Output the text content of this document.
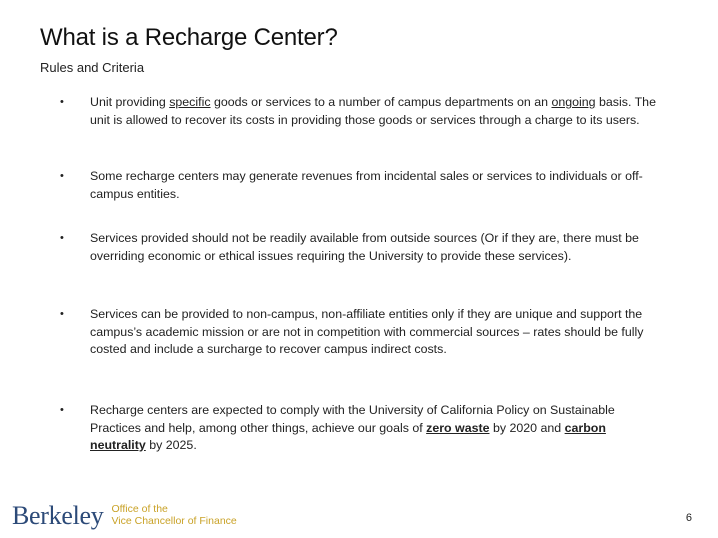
What is a Recharge Center?

Rules and Criteria

•	Unit providing specific goods or services to a number of campus departments on an ongoing basis. The unit is allowed to recover its costs in providing those goods or services through a charge to its users.
•	Some recharge centers may generate revenues from incidental sales or services to individuals or off-campus entities.
•	Services provided should not be readily available from outside sources (Or if they are, there must be overriding economic or ethical issues requiring the University to provide these services).
•	Services can be provided to non-campus, non-affiliate entities only if they are unique and support the campus’s academic mission or are not in competition with commercial sources – rates should be fully costed and include a surcharge to recover campus indirect costs.
•	Recharge centers are expected to comply with the University of California Policy on Sustainable Practices and help, among other things, achieve our goals of zero waste by 2020 and carbon neutrality by 2025.
Berkeley Office of the
Vice Chancellor of Finance	6
